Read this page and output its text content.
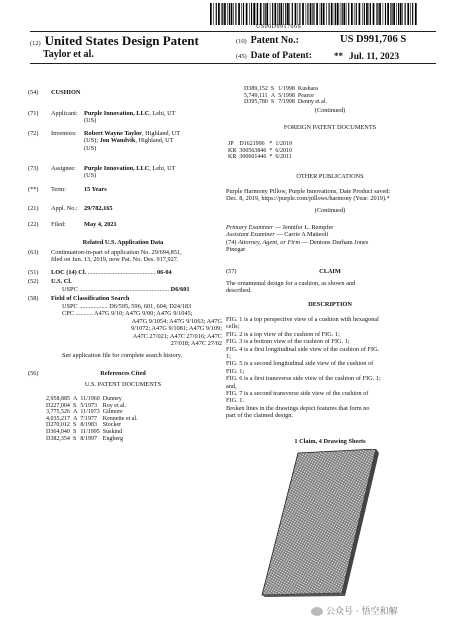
US00D991706S
(12) United States Design Patent
Taylor et al.
(10) Patent No.:	US D991,706 S
(45) Date of Patent: ** Jul. 11, 2023
(54)	CUSHION
(71)	Applicant: Purple Innovation, LLC, Lehi, UT
(US)
(72)	Inventors: Robert Wayne Taylor, Highland, UT
(US); Jon Wandvik, Highland, UT
(US)
(73)	Assignee: Purple Innovation, LLC, Lehi, UT
(US)
(**)	Term:	15 Years
(21)	Appl. No.: 29/782,165
(22)	Filed:	May 4, 2021
Related U.S. Application Data
(63)	Continuation-in-part of application No. 29/694,851,
filed on Jun. 13, 2019, now Pat. No. Des. 917,927.
(51)	LOC (14) Cl. ........................................... 06-04
(52)	U.S. Cl.
USPC ......................................................... D6/601
(58)	Field of Classification Search
USPC .................. D6/595, 596, 601, 604; D24/183
CPC ........... A47G 9/10; A47G 9/00; A47G 9/1045;
A47G 9/1054; A47G 9/1063; A47G
9/1072; A47G 9/1081; A47G 9/109;
A47C 27/021; A47C 27/016; A47C
27/018; A47C 27/02
See application file for complete search history.
(56)	References Cited
U.S. PATENT DOCUMENTS
2,958,885	A	11/1960	Dunney
D227,004	S	5/1973	Roy et al.
3,775,526	A	11/1973	Gilmore
4,035,217	A	7/1977	Kennette et al.
D270,012	S	8/1983	Stocker
D364,040	S	11/1995	Suskind
D382,354	S	8/1997	Engberg
D389,152	S	1/1998	Kushara
5,749,111	A	5/1998	Pearce
D395,780	S	7/1998	Denny et al.
(Continued)
FOREIGN PATENT DOCUMENTS
JP	D1621996	*	1/2019
KR	300563846	*	6/2010
KR	300601446	*	6/2011
OTHER PUBLICATIONS
Purple Harmony Pillow, Purple Innovations, Date Product saved:
Dec. 8, 2019, https://purple.com/pillows/harmony (Year: 2019).*
(Continued)
Primary Examiner — Jennifer L. Rempfer
Assistant Examiner — Carrie A Matteoli
(74) Attorney, Agent, or Firm — Dentons Durham Jones
Pinegar
(57)	CLAIM
The ornamental design for a cushion, as shown and
described.
DESCRIPTION
FIG. 1 is a top perspective view of a cushion with hexagonal
cells;
FIG. 2 is a top view of the cushion of FIG. 1;
FIG. 3 is a bottom view of the cushion of FIG. 1;
FIG. 4 is a first longitudinal side view of the cushion of FIG.
1;
FIG. 5 is a second longitudinal side view of the cushion of
FIG. 1;
FIG. 6 is a first transverse side view of the cushion of FIG. 1;
and,
FIG. 7 is a second transverse side view of the cushion of
FIG. 1.
Broken lines in the drawings depict features that form no
part of the claimed design.
1 Claim, 4 Drawing Sheets
公众号 · 悟空和解
